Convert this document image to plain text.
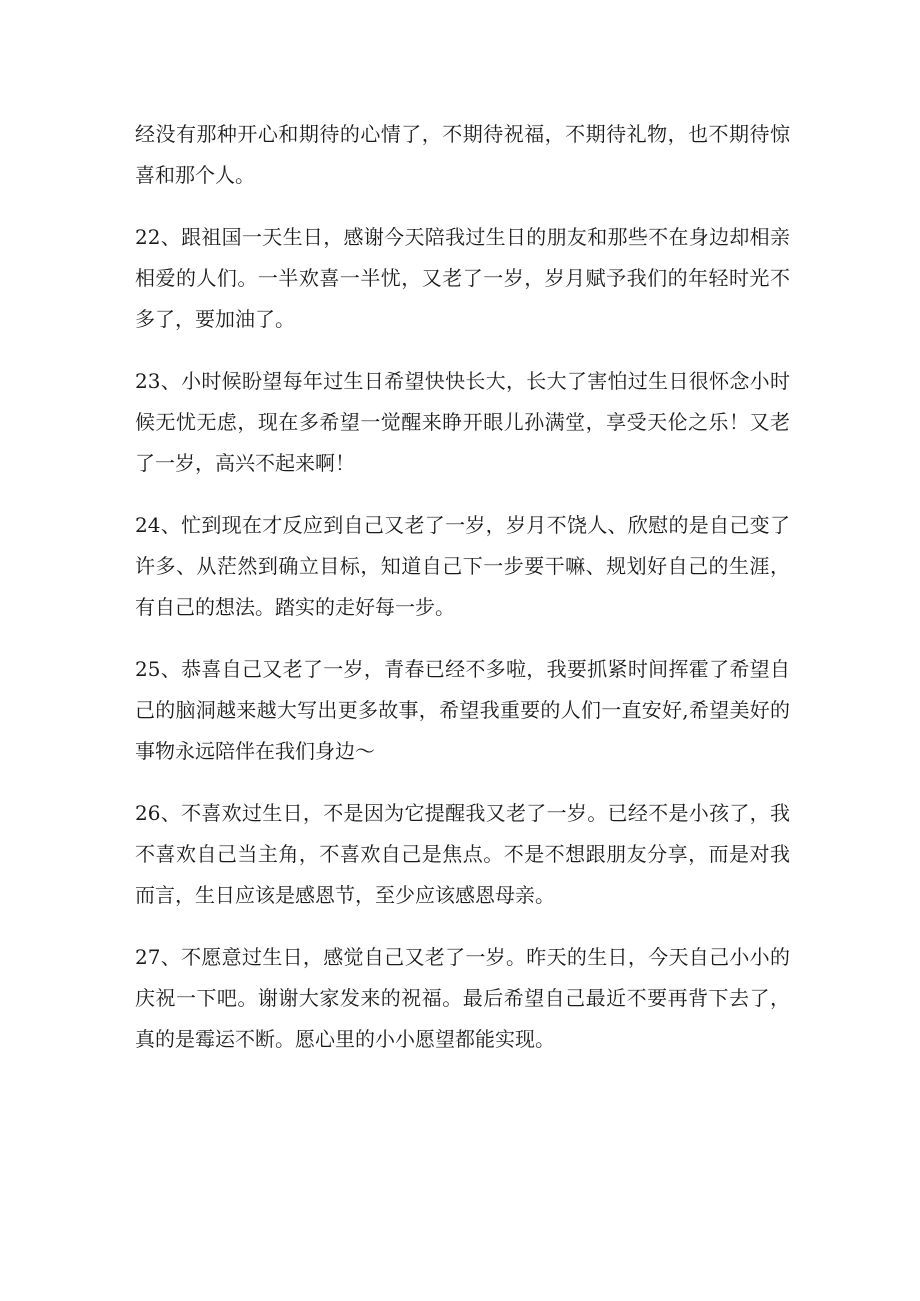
经没有那种开心和期待的心情了，不期待祝福，不期待礼物，也不期待惊喜和那个人。

22、跟祖国一天生日，感谢今天陪我过生日的朋友和那些不在身边却相亲相爱的人们。一半欢喜一半忧，又老了一岁，岁月赋予我们的年轻时光不多了，要加油了。

23、小时候盼望每年过生日希望快快长大，长大了害怕过生日很怀念小时候无忧无虑，现在多希望一觉醒来睁开眼儿孙满堂，享受天伦之乐！又老了一岁，高兴不起来啊！

24、忙到现在才反应到自己又老了一岁，岁月不饶人、欣慰的是自己变了许多、从茫然到确立目标，知道自己下一步要干嘛、规划好自己的生涯，有自己的想法。踏实的走好每一步。

25、恭喜自己又老了一岁，青春已经不多啦，我要抓紧时间挥霍了希望自己的脑洞越来越大写出更多故事，希望我重要的人们一直安好,希望美好的事物永远陪伴在我们身边～

26、不喜欢过生日，不是因为它提醒我又老了一岁。已经不是小孩了，我不喜欢自己当主角，不喜欢自己是焦点。不是不想跟朋友分享，而是对我而言，生日应该是感恩节，至少应该感恩母亲。

27、不愿意过生日，感觉自己又老了一岁。昨天的生日，今天自己小小的庆祝一下吧。谢谢大家发来的祝福。最后希望自己最近不要再背下去了，真的是霉运不断。愿心里的小小愿望都能实现。
